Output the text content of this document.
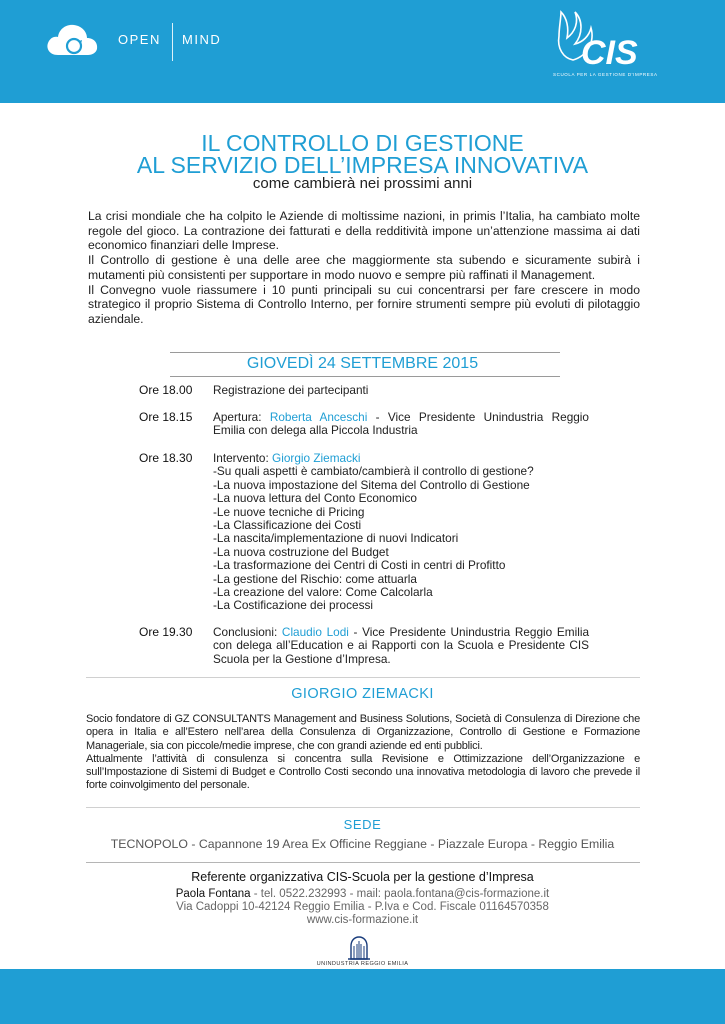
OPEN MIND	CIS
SCUOLA PER LA GESTIONE D'IMPRESA
IL CONTROLLO DI GESTIONE
AL SERVIZIO DELL’IMPRESA INNOVATIVA
come cambierà nei prossimi anni

La crisi mondiale che ha colpito le Aziende di moltissime nazioni, in primis l’Italia, ha cambiato molte regole del gioco. La contrazione dei fatturati e della redditività impone un’attenzione massima ai dati economico finanziari delle Imprese.

Il Controllo di gestione è una delle aree che maggiormente sta subendo e sicuramente subirà i mutamenti più consistenti per supportare in modo nuovo e sempre più raffinati il Management.

Il Convegno vuole riassumere i 10 punti principali su cui concentrarsi per fare crescere in modo strategico il proprio Sistema di Controllo Interno, per fornire strumenti sempre più evoluti di pilotaggio aziendale.

GIOVEDÌ 24 SETTEMBRE 2015
Ore 18.00	Registrazione dei partecipanti
Ore 18.15	Apertura: Roberta Anceschi - Vice Presidente Unindustria Reggio Emilia con delega alla Piccola Industria
Ore 18.30	Intervento: Giorgio Ziemacki
-Su quali aspetti è cambiato/cambierà il controllo di gestione?
-La nuova impostazione del Sitema del Controllo di Gestione
-La nuova lettura del Conto Economico
-Le nuove tecniche di Pricing
-La Classificazione dei Costi
-La nascita/implementazione di nuovi Indicatori
-La nuova costruzione del Budget
-La trasformazione dei Centri di Costi in centri di Profitto
-La gestione del Rischio: come attuarla
-La creazione del valore: Come Calcolarla
-La Costificazione dei processi
Ore 19.30	Conclusioni: Claudio Lodi - Vice Presidente Unindustria Reggio Emilia con delega all’Education e ai Rapporti con la Scuola e Presidente CIS Scuola per la Gestione d’Impresa.
GIORGIO ZIEMACKI

Socio fondatore di GZ CONSULTANTS Management and Business Solutions, Società di Consulenza di Direzione che opera in Italia e all’Estero nell’area della Consulenza di Organizzazione, Controllo di Gestione e Formazione Manageriale, sia con piccole/medie imprese, che con grandi aziende ed enti pubblici.

Attualmente l’attività di consulenza si concentra sulla Revisione e Ottimizzazione dell’Organizzazione e sull’Impostazione di Sistemi di Budget e Controllo Costi secondo una innovativa metodologia di lavoro che prevede il forte coinvolgimento del personale.

SEDE
TECNOPOLO - Capannone 19 Area Ex Officine Reggiane - Piazzale Europa - Reggio Emilia
Referente organizzativa CIS-Scuola per la gestione d’Impresa
Paola Fontana - tel. 0522.232993 - mail: paola.fontana@cis-formazione.it
Via Cadoppi 10-42124 Reggio Emilia - P.Iva e Cod. Fiscale 01164570358
www.cis-formazione.it
UNINDUSTRIA REGGIO EMILIA
